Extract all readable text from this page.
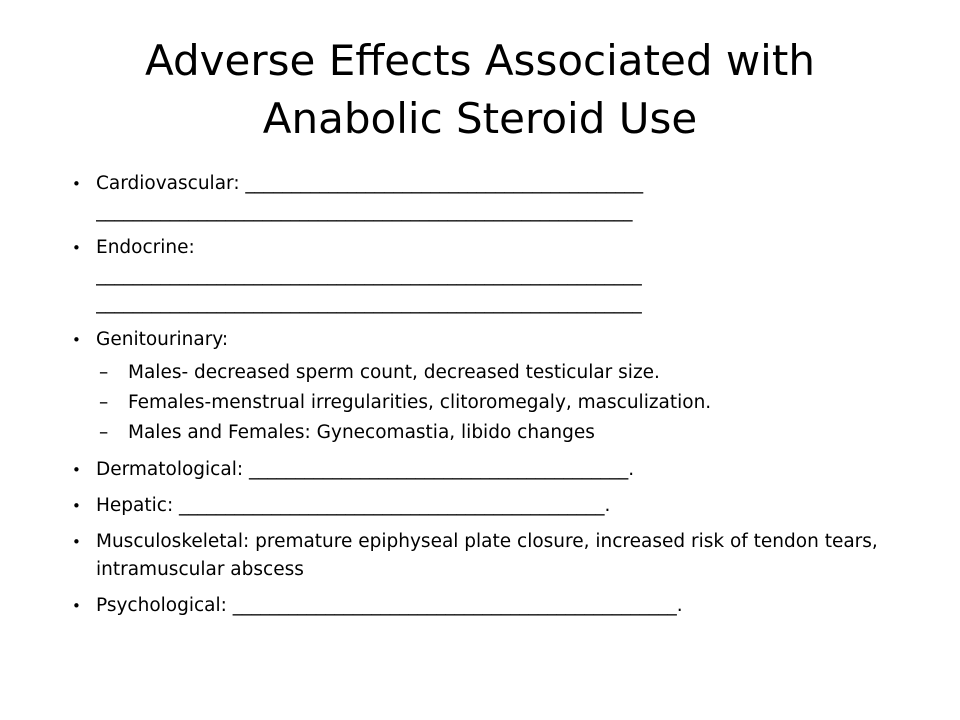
Adverse Effects Associated with
Anabolic Steroid Use
• Cardiovascular: ___________________________________________
__________________________________________________________
• Endocrine:
___________________________________________________________
___________________________________________________________
• Genitourinary:
– Males- decreased sperm count, decreased testicular size.
– Females-menstrual irregularities, clitoromegaly, masculization.
– Males and Females: Gynecomastia, libido changes
• Dermatological: _________________________________________.
• Hepatic: ______________________________________________.
• Musculoskeletal: premature epiphyseal plate closure, increased risk of tendon tears, intramuscular abscess
• Psychological: ________________________________________________.
